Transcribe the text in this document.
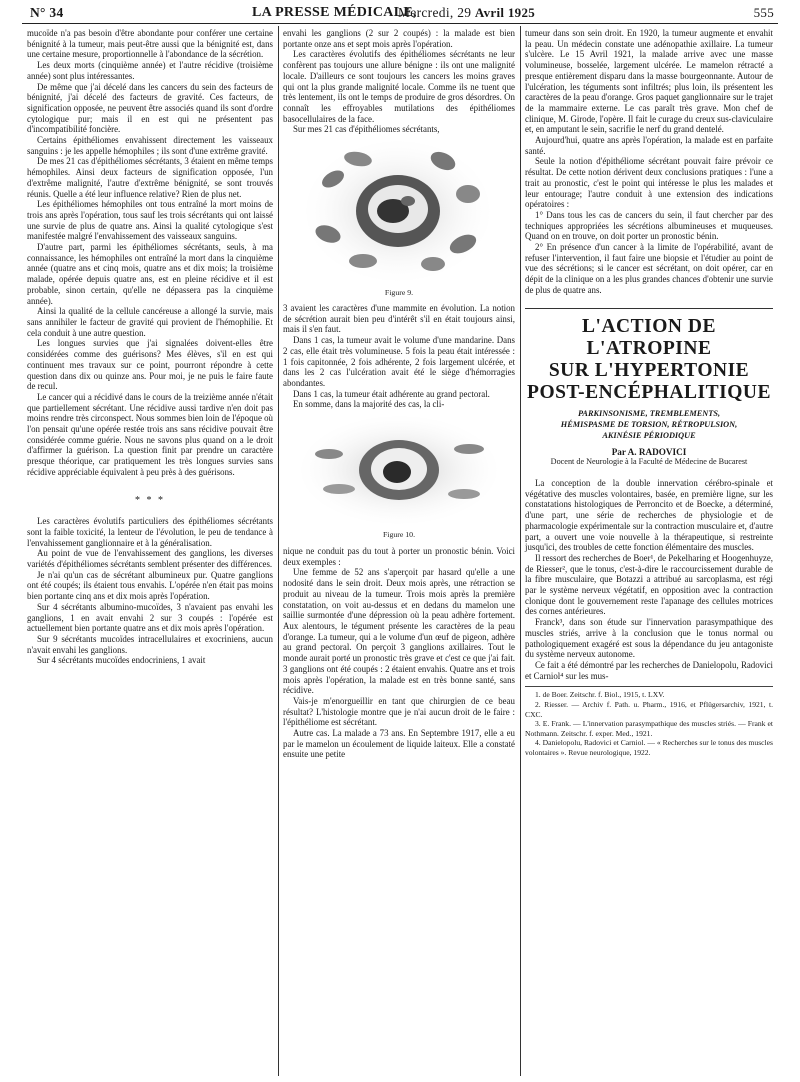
N° 34	LA PRESSE MÉDICALE,
Mercredi, 29 Avril 1925	555

mucoïde n'a pas besoin d'être abondante pour conférer une certaine bénignité à la tumeur, mais peut-être aussi que la bénignité est, dans une certaine mesure, proportionnelle à l'abondance de la sécrétion.

Les deux morts (cinquième année) et l'autre récidive (troisième année) sont plus intéressantes.

De même que j'ai décelé dans les cancers du sein des facteurs de bénignité, j'ai décelé des facteurs de gravité. Ces facteurs, de signification opposée, ne peuvent être associés quand ils sont d'ordre cytologique pur; mais il en est qui ne présentent pas d'incompatibilité foncière.

Certains épithéliomes envahissent directement les vaisseaux sanguins : je les appelle hémophiles ; ils sont d'une extrême gravité.

De mes 21 cas d'épithéliomes sécrétants, 3 étaient en même temps hémophiles. Ainsi deux facteurs de signification opposée, l'un d'extrême malignité, l'autre d'extrême bénignité, se sont trouvés réunis. Quelle a été leur influence relative? Rien de plus net.

Les épithéliomes hémophiles ont tous entraîné la mort moins de trois ans après l'opération, tous sauf les trois sécrétants qui ont laissé une survie de plus de quatre ans. Ainsi la qualité cytologique s'est manifestée malgré l'envahissement des vaisseaux sanguins.

D'autre part, parmi les épithéliomes sécrétants, seuls, à ma connaissance, les hémophiles ont entraîné la mort dans la cinquième année (quatre ans et cinq mois, quatre ans et dix mois; la troisième malade, opérée depuis quatre ans, est en pleine récidive et il est probable, sinon certain, qu'elle ne dépassera pas la cinquième année).

Ainsi la qualité de la cellule cancéreuse a allongé la survie, mais sans annihiler le facteur de gravité qui provient de l'hémophilie. Et cela conduit à une autre question.

Les longues survies que j'ai signalées doivent-elles être considérées comme des guérisons? Mes élèves, s'il en est qui continuent mes travaux sur ce point, pourront répondre à cette question dans dix ou quinze ans. Pour moi, je ne puis le faire faute de recul.

Le cancer qui a récidivé dans le cours de la treizième année n'était que partiellement sécrétant. Une récidive aussi tardive n'en doit pas moins rendre très circonspect. Nous sommes bien loin de l'époque où l'on pensait qu'une opérée restée trois ans sans récidive pouvait être considérée comme guérie. Nous ne savons plus quand on a le droit d'affirmer la guérison. La question finit par prendre un caractère presque théorique, car pratiquement les très longues survies sans récidive appréciable équivalent à peu près à des guérisons.

* * *

Les caractères évolutifs particuliers des épithéliomes sécrétants sont la faible toxicité, la lenteur de l'évolution, le peu de tendance à l'envahissement ganglionnaire et à la généralisation.

Au point de vue de l'envahissement des ganglions, les diverses variétés d'épithéliomes sécrétants semblent présenter des différences.

Je n'ai qu'un cas de sécrétant albumineux pur. Quatre ganglions ont été coupés; ils étaient tous envahis. L'opérée n'en était pas moins bien portante cinq ans et dix mois après l'opération.

Sur 4 sécrétants albumino-mucoïdes, 3 n'avaient pas envahi les ganglions, 1 en avait envahi 2 sur 3 coupés : l'opérée est actuellement bien portante quatre ans et dix mois après l'opération.

Sur 9 sécrétants mucoïdes intracellulaires et exocriniens, aucun n'avait envahi les ganglions.

Sur 4 sécrétants mucoïdes endocriniens, 1 avait

envahi les ganglions (2 sur 2 coupés) : la malade est bien portante onze ans et sept mois après l'opération.

Les caractères évolutifs des épithéliomes sécrétants ne leur confèrent pas toujours une allure bénigne : ils ont une malignité locale. D'ailleurs ce sont toujours les cancers les moins graves qui ont la plus grande malignité locale. Comme ils ne tuent que très lentement, ils ont le temps de produire de gros désordres. On connaît les effroyables mutilations des épithéliomes basocellulaires de la face.

Sur mes 21 cas d'épithéliomes sécrétants,

Figure 9.

3 avaient les caractères d'une mammite en évolution. La notion de sécrétion aurait bien peu d'intérêt s'il en était toujours ainsi, mais il s'en faut.

Dans 1 cas, la tumeur avait le volume d'une mandarine. Dans 2 cas, elle était très volumineuse. 5 fois la peau était intéressée : 1 fois capitonnée, 2 fois adhérente, 2 fois largement ulcérée, et dans les 2 cas l'ulcération avait été le siège d'hémorragies abondantes.

Dans 1 cas, la tumeur était adhérente au grand pectoral.

En somme, dans la majorité des cas, la cli-

Figure 10.

nique ne conduit pas du tout à porter un pronostic bénin. Voici deux exemples :

Une femme de 52 ans s'aperçoit par hasard qu'elle a une nodosité dans le sein droit. Deux mois après, une rétraction se produit au niveau de la tumeur. Trois mois après la première constatation, on voit au-dessus et en dedans du mamelon une saillie surmontée d'une dépression où la peau adhère fortement. Aux alentours, le tégument présente les caractères de la peau d'orange. La tumeur, qui a le volume d'un œuf de pigeon, adhère au grand pectoral. On perçoit 3 ganglions axillaires. Tout le monde aurait porté un pronostic très grave et c'est ce que j'ai fait. 3 ganglions ont été coupés : 2 étaient envahis. Quatre ans et trois mois après l'opération, la malade est en très bonne santé, sans récidive.

Vais-je m'enorgueillir en tant que chirurgien de ce beau résultat? L'histologie montre que je n'ai aucun droit de le faire : l'épithéliome est sécrétant.

Autre cas. La malade a 73 ans. En Septembre 1917, elle a eu par le mamelon un écoulement de liquide laiteux. Elle a constaté ensuite une petite

tumeur dans son sein droit. En 1920, la tumeur augmente et envahit la peau. Un médecin constate une adénopathie axillaire. La tumeur s'ulcère. Le 15 Avril 1921, la malade arrive avec une masse volumineuse, bosselée, largement ulcérée. Le mamelon rétracté a presque entièrement disparu dans la masse bourgeonnante. Autour de l'ulcération, les téguments sont infiltrés; plus loin, ils présentent les caractères de la peau d'orange. Gros paquet ganglionnaire sur le trajet de la mammaire externe. Le cas paraît très grave. Mon chef de clinique, M. Girode, l'opère. Il fait le curage du creux sus-claviculaire et, en amputant le sein, sacrifie le nerf du grand dentelé.

Aujourd'hui, quatre ans après l'opération, la malade est en parfaite santé.

Seule la notion d'épithéliome sécrétant pouvait faire prévoir ce résultat. De cette notion dérivent deux conclusions pratiques : l'une a trait au pronostic, c'est le point qui intéresse le plus les malades et leur entourage; l'autre conduit à une extension des indications opératoires :

1° Dans tous les cas de cancers du sein, il faut chercher par des techniques appropriées les sécrétions albumineuses et muqueuses. Quand on en trouve, on doit porter un pronostic bénin.

2° En présence d'un cancer à la limite de l'opérabilité, avant de refuser l'intervention, il faut faire une biopsie et l'étudier au point de vue des sécrétions; si le cancer est sécrétant, on doit opérer, car en dépit de la clinique on a les plus grandes chances d'obtenir une survie de plus de quatre ans.

L'ACTION DE L'ATROPINE
SUR L'HYPERTONIE
POST-ENCÉPHALITIQUE
PARKINSONISME, TREMBLEMENTS,
HÉMISPASME DE TORSION, RÉTROPULSION,
AKINÉSIE PÉRIODIQUE
Par A. RADOVICI
Docent de Neurologie à la Faculté de Médecine de Bucarest

La conception de la double innervation cérébro-spinale et végétative des muscles volontaires, basée, en première ligne, sur les constatations histologiques de Perroncito et de Boecke, a déterminé, d'une part, une série de recherches de physiologie et de pharmacologie expérimentale sur la contraction musculaire et, d'autre part, a ouvert une voie nouvelle à la thérapeutique, si restreinte jusqu'ici, des troubles de cette fonction élémentaire des muscles.

Il ressort des recherches de Boer¹, de Pekelharing et Hoogenhuyze, de Riesser², que le tonus, c'est-à-dire le raccourcissement durable de la fibre musculaire, que Botazzi a attribué au sarcoplasma, est régi par le système nerveux végétatif, en opposition avec la contraction clonique dont le gouvernement reste l'apanage des cellules motrices des cornes antérieures.

Franck³, dans son étude sur l'innervation parasympathique des muscles striés, arrive à la conclusion que le tonus normal ou pathologiquement exagéré est sous la dépendance du jeu antagoniste du système nerveux autonome.

Ce fait a été démontré par les recherches de Danielopolu, Radovici et Carniol⁴ sur les mus-

1. de Boer. Zeitschr. f. Biol., 1915, t. LXV.

2. Riesser. — Archiv f. Path. u. Pharm., 1916, et Pflügersarchiv, 1921, t. CXC.

3. E. Frank. — L'innervation parasympathique des muscles striés. — Frank et Nothmann. Zeitschr. f. exper. Med., 1921.

4. Danielopolu, Radovici et Carniol. — « Recherches sur le tonus des muscles volontaires ». Revue neurologique, 1922.
